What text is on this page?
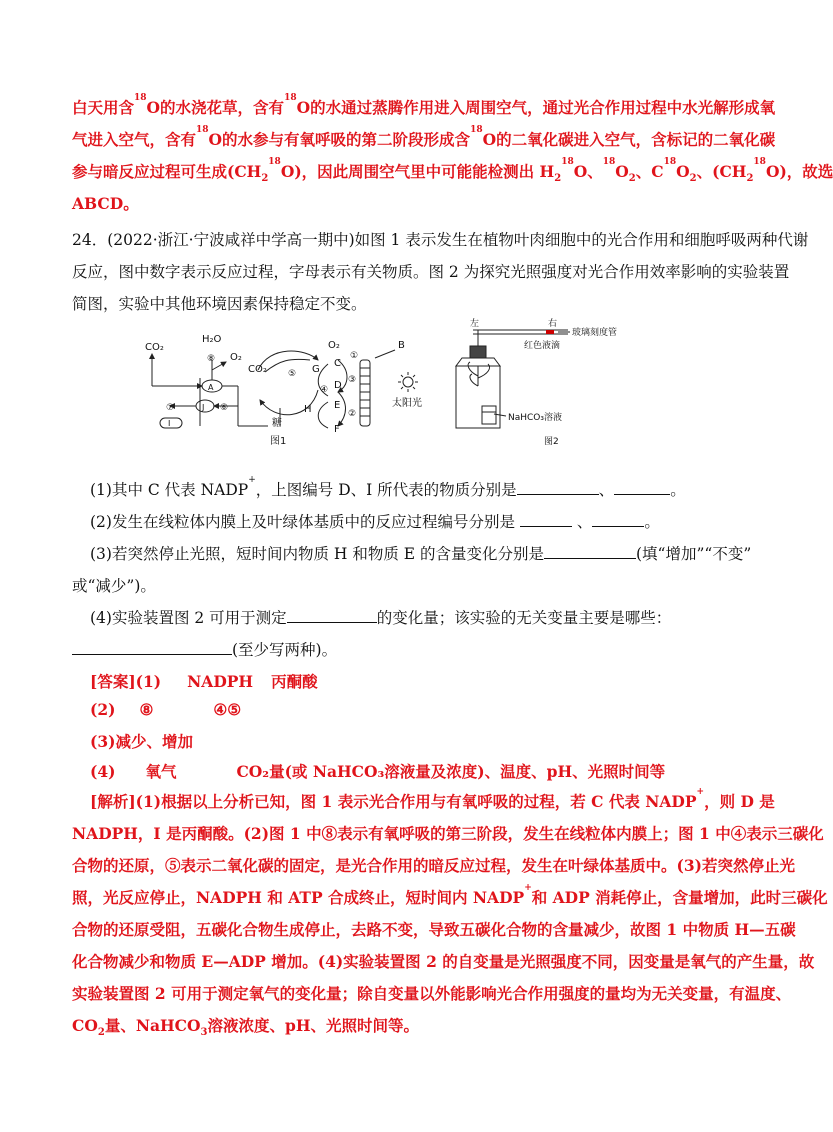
白天用含$^{18}$O的水浇花草，含有$^{18}$O的水通过蒸腾作用进入周围空气，通过光合作用过程中水光解形成氧
气进入空气，含有$^{18}$O的水参与有氧呼吸的第二阶段形成含$^{18}$O的二氧化碳进入空气，含标记的二氧化碳
参与暗反应过程可生成$(CH_2^{18}O)$，因此周围空气里中可能能检测出 $H_2^{18}O$、$^{18}O_2$、$C^{18}O_2$、$(CH_2^{18}O)$，故选
ABCD。
24．(2022·浙江·宁波咸祥中学高一期中)如图 1 表示发生在植物叶肉细胞中的光合作用和细胞呼吸两种代谢
反应，图中数字表示反应过程，字母表示有关物质。图 2 为探究光照强度对光合作用效率影响的实验装置
简图，实验中其他环境因素保持稳定不变。
CO₂
H₂O
O₂
⑧
A
J
I
⑦	⑥
CO₂ ⑤ G
④
H
糖
O₂
C
D
E
F
①
③
②
B
太阳光
图1
左	右
玻璃刻度管
红色液滴
NaHCO₃溶液
图2
(1)其中 C 代表 NADP+，上图编号 D、I 所代表的物质分别是	、	。
(2)发生在线粒体内膜上及叶绿体基质中的反应过程编号分别是	、	。
(3)若突然停止光照，短时间内物质 H 和物质 E 的含量变化分别是	(填“增加”“不变”
或“减少”)。
(4)实验装置图 2 可用于测定	的变化量；该实验的无关变量主要是哪些：
(至少写两种)。
[答案](1) NADPH 丙酮酸
(2) ⑧	④⑤
(3)减少、增加
(4) 氧气	CO₂量(或 NaHCO₃溶液量及浓度)、温度、pH、光照时间等
[解析](1)根据以上分析已知，图 1 表示光合作用与有氧呼吸的过程，若 C 代表 NADP+，则 D 是
NADPH，I 是丙酮酸。(2)图 1 中⑧表示有氧呼吸的第三阶段，发生在线粒体内膜上；图 1 中④表示三碳化
合物的还原，⑤表示二氧化碳的固定，是光合作用的暗反应过程，发生在叶绿体基质中。(3)若突然停止光
照，光反应停止，NADPH 和 ATP 合成终止，短时间内 NADP+和 ADP 消耗停止，含量增加，此时三碳化
合物的还原受阻，五碳化合物生成停止，去路不变，导致五碳化合物的含量减少，故图 1 中物质 H—五碳
化合物减少和物质 E—ADP 增加。(4)实验装置图 2 的自变量是光照强度不同，因变量是氧气的产生量，故
实验装置图 2 可用于测定氧气的变化量；除自变量以外能影响光合作用强度的量均为无关变量，有温度、
$CO_2$量、NaHCO$_3$溶液浓度、pH、光照时间等。
